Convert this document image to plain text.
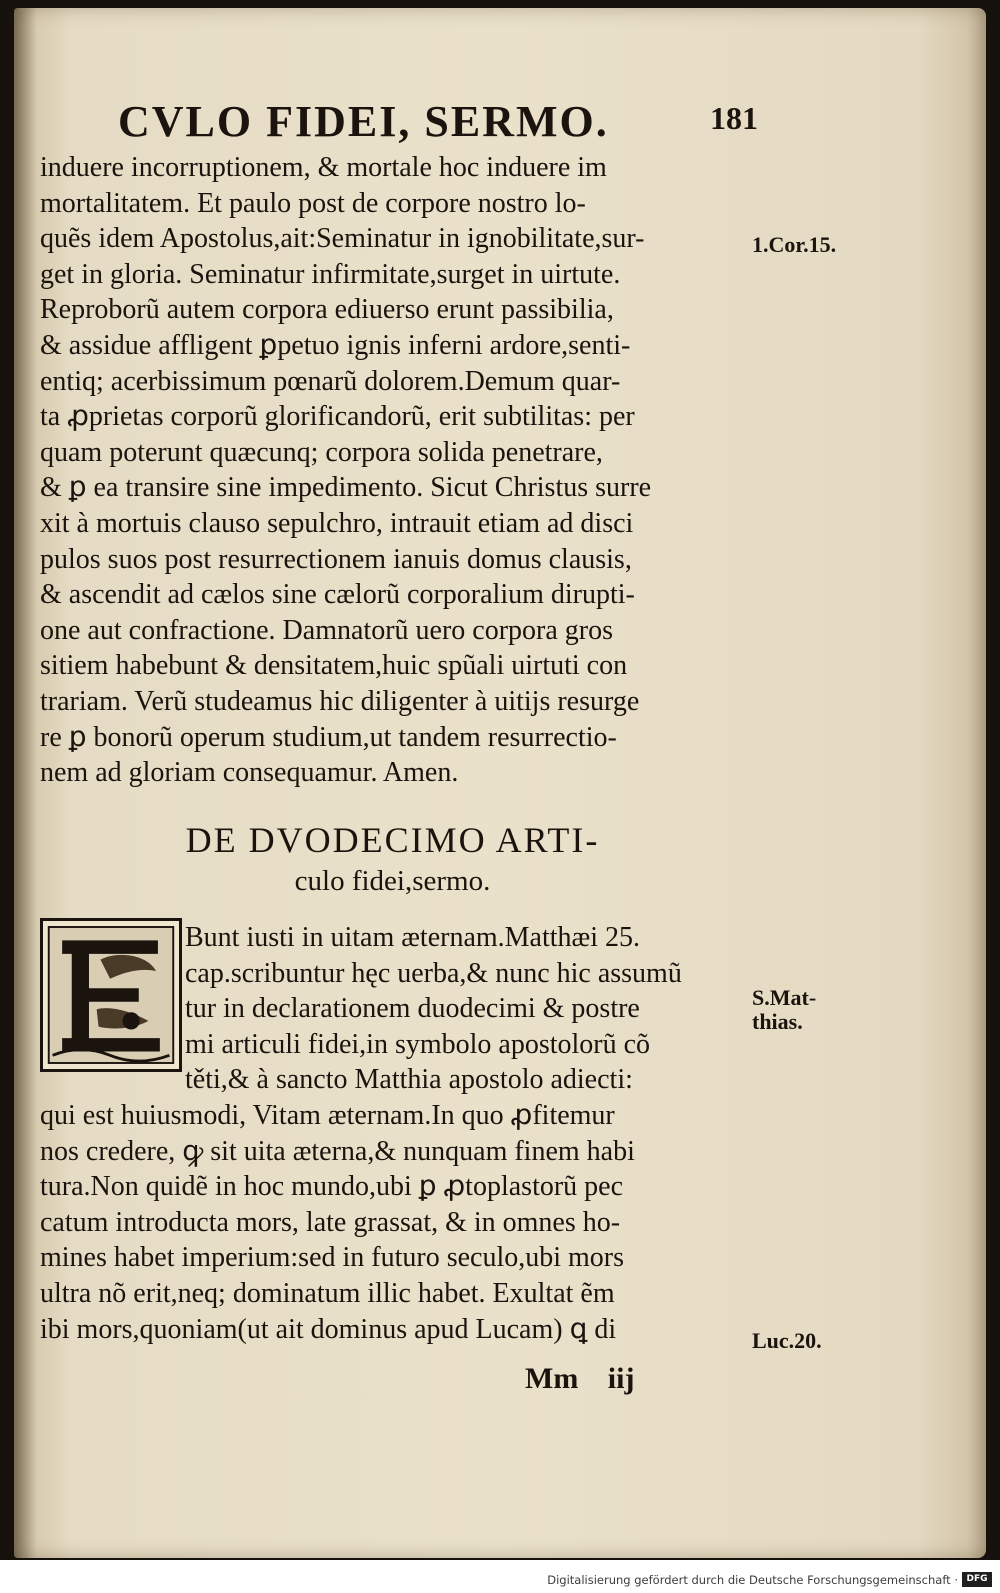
CVLO FIDEI, SERMO.	181
induere incorruptionem, & mortale hoc induere im
mortalitatem. Et paulo post de corpore nostro lo-
quẽs idem Apostolus,ait:Seminatur in ignobilitate,sur-
get in gloria. Seminatur infirmitate,surget in uirtute.
Reproborũ autem corpora ediuerso erunt passibilia,
& assidue affligent ꝑpetuo ignis inferni ardore,senti-
entiq; acerbissimum pœnarũ dolorem.Demum quar-
ta ꝓprietas corporũ glorificandorũ, erit subtilitas: per
quam poterunt quæcunq; corpora solida penetrare,
& ꝑ ea transire sine impedimento. Sicut Christus surre
xit à mortuis clauso sepulchro, intrauit etiam ad disci
pulos suos post resurrectionem ianuis domus clausis,
& ascendit ad cælos sine cælorũ corporalium dirupti-
one aut confractione. Damnatorũ uero corpora gros
sitiem habebunt & densitatem,huic spũali uirtuti con
trariam. Verũ studeamus hic diligenter à uitijs resurge
re ꝑ bonorũ operum studium,ut tandem resurrectio-
nem ad gloriam consequamur. Amen.
1.Cor.15.
DE DVODECIMO ARTI-
culo fidei,sermo.
Bunt iusti in uitam æternam.Matthæi 25.
cap.scribuntur hęc uerba,& nunc hic assumũ
tur in declarationem duodecimi & postre
mi articuli fidei,in symbolo apostolorũ cõ
těti,& à sancto Matthia apostolo adiecti:
S.Mat-
thias.
qui est huiusmodi, Vitam æternam.In quo ꝓfitemur
nos credere, ꝙ sit uita æterna,& nunquam finem habi
tura.Non quidẽ in hoc mundo,ubi ꝑ ꝓtoplastorũ pec
catum introducta mors, late grassat, & in omnes ho-
mines habet imperium:sed in futuro seculo,ubi mors
ultra nõ erit,neq; dominatum illic habet. Exultat ẽm
ibi mors,quoniam(ut ait dominus apud Lucam) ꝗ di	Luc.20.
Mm iij
Digitalisierung gefördert durch die Deutsche Forschungsgemeinschaft · DFG
